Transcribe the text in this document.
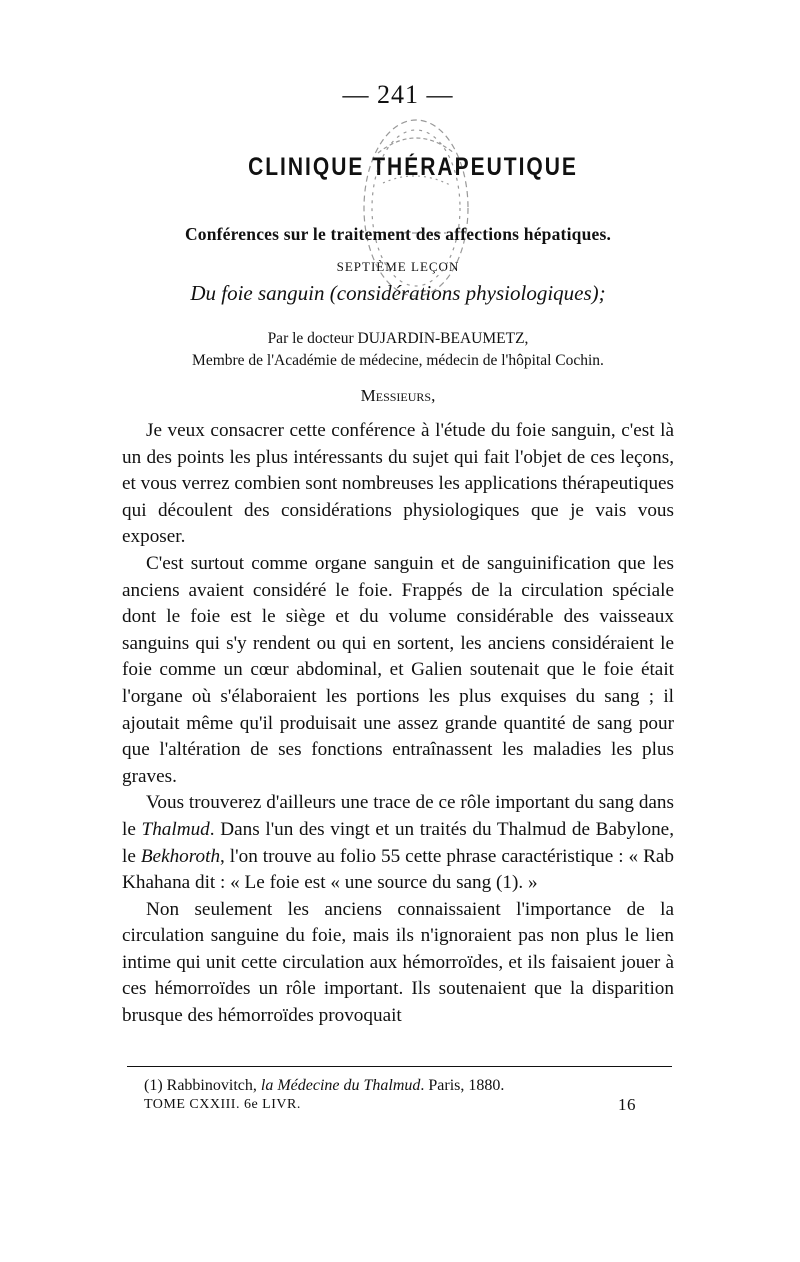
— 241 —
CLINIQUE THÉRAPEUTIQUE
Conférences sur le traitement des affections hépatiques.
SEPTIÈME LEÇON
Du foie sanguin (considérations physiologiques);
Par le docteur DUJARDIN-BEAUMETZ,
Membre de l'Académie de médecine, médecin de l'hôpital Cochin.
Messieurs,

Je veux consacrer cette conférence à l'étude du foie sanguin, c'est là un des points les plus intéressants du sujet qui fait l'objet de ces leçons, et vous verrez combien sont nombreuses les applications thérapeutiques qui découlent des considérations physiologiques que je vais vous exposer.

C'est surtout comme organe sanguin et de sanguinification que les anciens avaient considéré le foie. Frappés de la circulation spéciale dont le foie est le siège et du volume considérable des vaisseaux sanguins qui s'y rendent ou qui en sortent, les anciens considéraient le foie comme un cœur abdominal, et Galien soutenait que le foie était l'organe où s'élaboraient les portions les plus exquises du sang ; il ajoutait même qu'il produisait une assez grande quantité de sang pour que l'altération de ses fonctions entraînassent les maladies les plus graves.

Vous trouverez d'ailleurs une trace de ce rôle important du sang dans le Thalmud. Dans l'un des vingt et un traités du Thalmud de Babylone, le Bekhoroth, l'on trouve au folio 55 cette phrase caractéristique : « Rab Khahana dit : « Le foie est « une source du sang (1). »

Non seulement les anciens connaissaient l'importance de la circulation sanguine du foie, mais ils n'ignoraient pas non plus le lien intime qui unit cette circulation aux hémorroïdes, et ils faisaient jouer à ces hémorroïdes un rôle important. Ils soutenaient que la disparition brusque des hémorroïdes provoquait

(1) Rabbinovitch, la Médecine du Thalmud. Paris, 1880.
TOME CXXIII. 6e LIVR.	16
